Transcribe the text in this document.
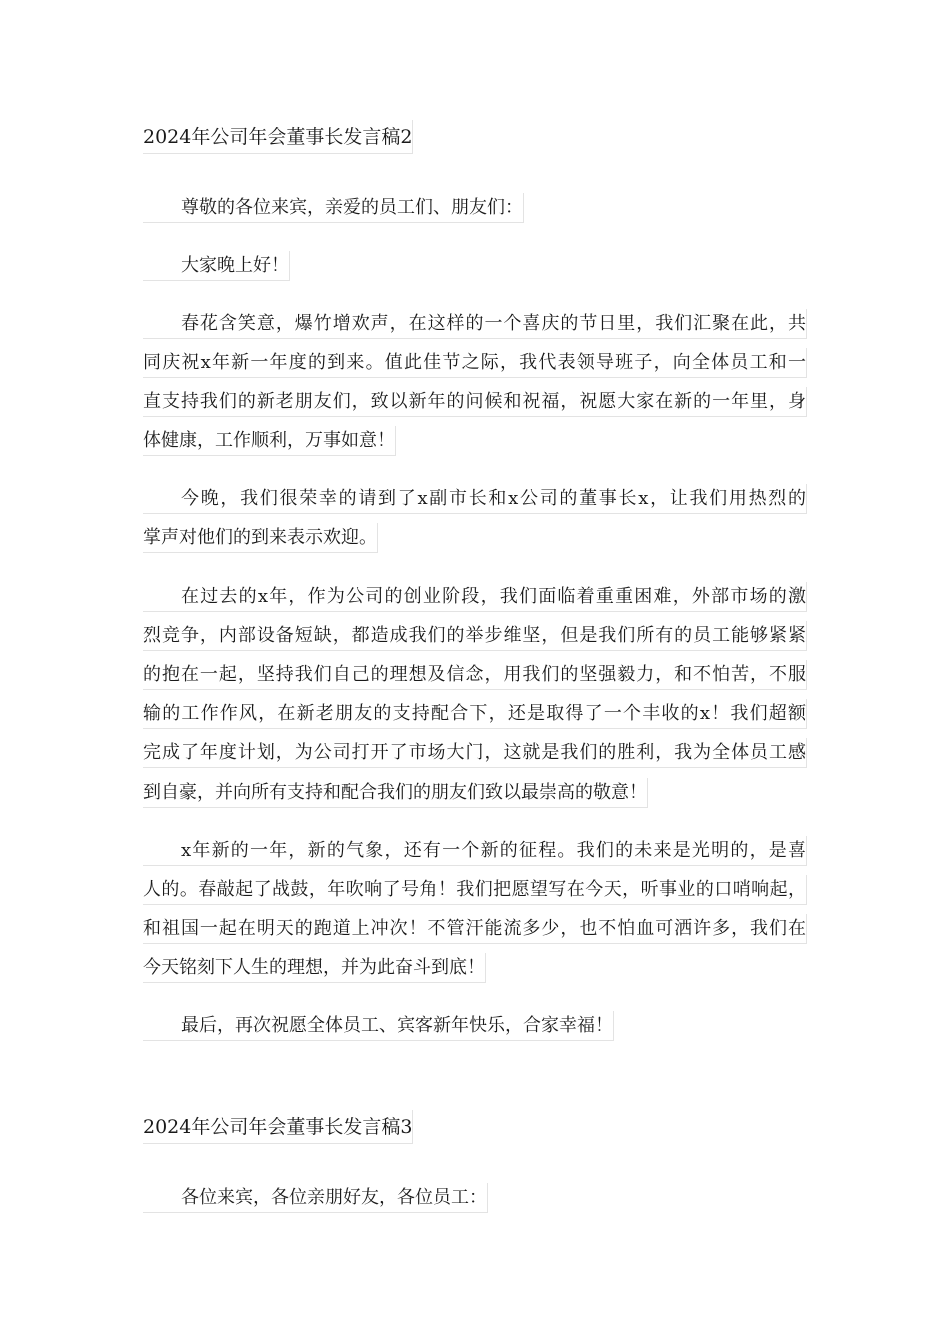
2024年公司年会董事长发言稿2
尊敬的各位来宾，亲爱的员工们、朋友们：
大家晚上好！
春花含笑意，爆竹增欢声，在这样的一个喜庆的节日里，我们汇聚在此，共
同庆祝x年新一年度的到来。值此佳节之际，我代表领导班子，向全体员工和一
直支持我们的新老朋友们，致以新年的问候和祝福，祝愿大家在新的一年里，身
体健康，工作顺利，万事如意！
今晚，我们很荣幸的请到了x副市长和x公司的董事长x，让我们用热烈的
掌声对他们的到来表示欢迎。
在过去的x年，作为公司的创业阶段，我们面临着重重困难，外部市场的激
烈竞争，内部设备短缺，都造成我们的举步维坚，但是我们所有的员工能够紧紧
的抱在一起，坚持我们自己的理想及信念，用我们的坚强毅力，和不怕苦，不服
输的工作作风，在新老朋友的支持配合下，还是取得了一个丰收的x！我们超额
完成了年度计划，为公司打开了市场大门，这就是我们的胜利，我为全体员工感
到自豪，并向所有支持和配合我们的朋友们致以最崇高的敬意！
x年新的一年，新的气象，还有一个新的征程。我们的未来是光明的，是喜
人的。春敲起了战鼓，年吹响了号角！我们把愿望写在今天，听事业的口哨响起，
和祖国一起在明天的跑道上冲次！不管汗能流多少，也不怕血可洒许多，我们在
今天铭刻下人生的理想，并为此奋斗到底！
最后，再次祝愿全体员工、宾客新年快乐，合家幸福！
2024年公司年会董事长发言稿3
各位来宾，各位亲朋好友，各位员工：
